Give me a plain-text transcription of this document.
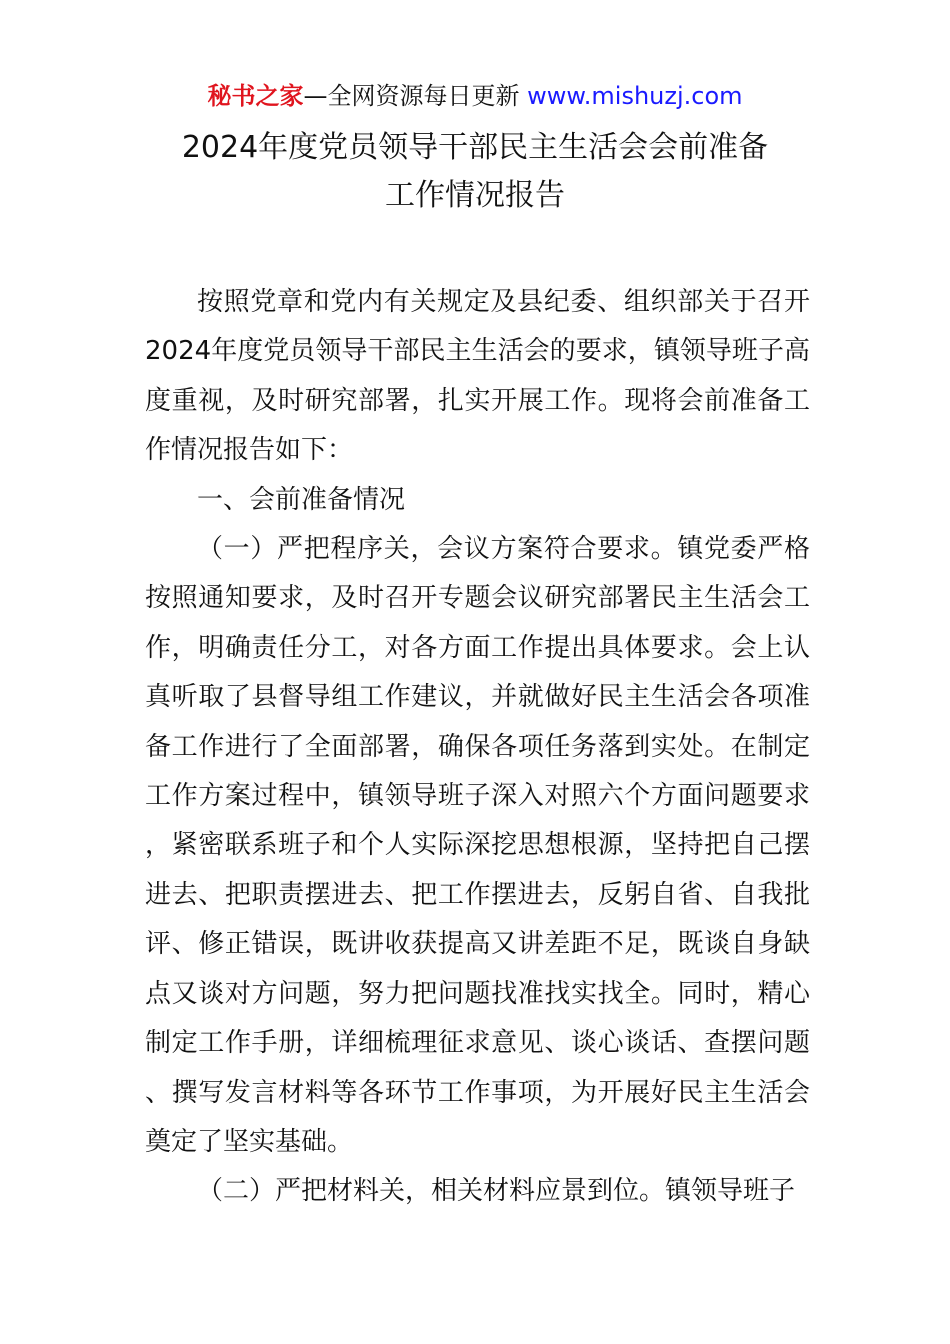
秘书之家—全网资源每日更新 www.mishuzj.com
2024年度党员领导干部民主生活会会前准备
工作情况报告

按照党章和党内有关规定及县纪委、组织部关于召开2024年度党员领导干部民主生活会的要求，镇领导班子高度重视，及时研究部署，扎实开展工作。现将会前准备工作情况报告如下：

一、会前准备情况

（一）严把程序关，会议方案符合要求。镇党委严格按照通知要求，及时召开专题会议研究部署民主生活会工作，明确责任分工，对各方面工作提出具体要求。会上认真听取了县督导组工作建议，并就做好民主生活会各项准备工作进行了全面部署，确保各项任务落到实处。在制定工作方案过程中，镇领导班子深入对照六个方面问题要求，紧密联系班子和个人实际深挖思想根源，坚持把自己摆进去、把职责摆进去、把工作摆进去，反躬自省、自我批评、修正错误，既讲收获提高又讲差距不足，既谈自身缺点又谈对方问题，努力把问题找准找实找全。同时，精心制定工作手册，详细梳理征求意见、谈心谈话、查摆问题、撰写发言材料等各环节工作事项，为开展好民主生活会奠定了坚实基础。

（二）严把材料关，相关材料应景到位。镇领导班子
